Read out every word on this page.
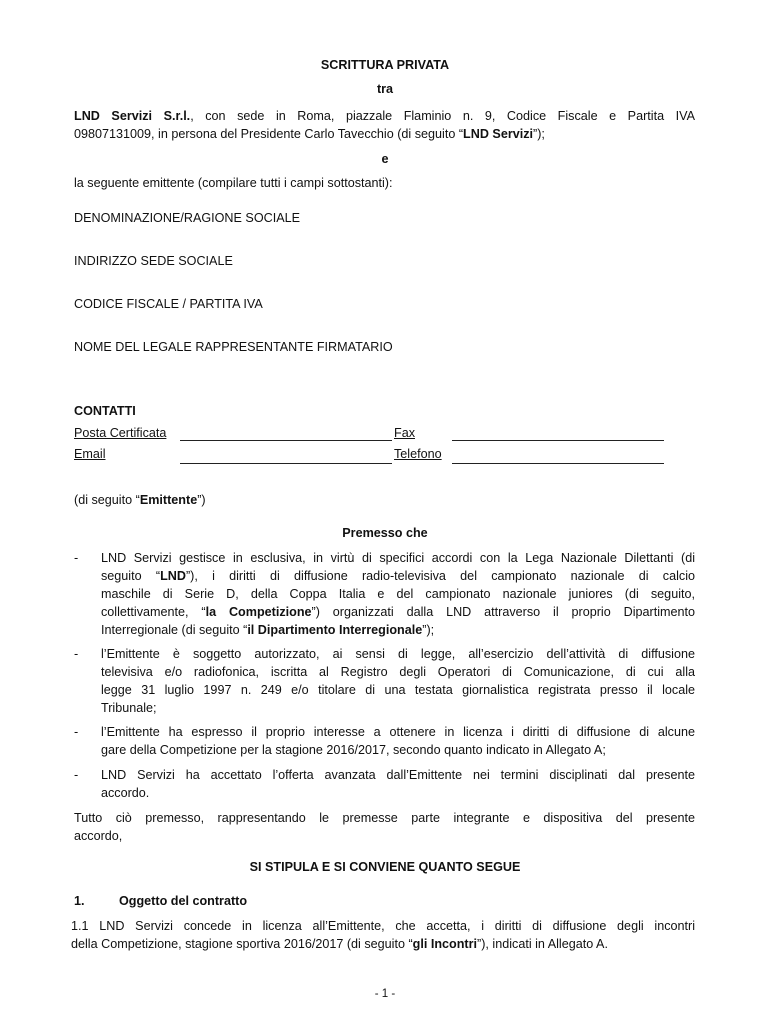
SCRITTURA PRIVATA
tra
LND Servizi S.r.l., con sede in Roma, piazzale Flaminio n. 9, Codice Fiscale e Partita IVA
09807131009, in persona del Presidente Carlo Tavecchio (di seguito “LND Servizi”);
e
la seguente emittente (compilare tutti i campi sottostanti):
DENOMINAZIONE/RAGIONE SOCIALE
INDIRIZZO SEDE SOCIALE
CODICE FISCALE / PARTITA IVA
NOME DEL LEGALE RAPPRESENTANTE FIRMATARIO
CONTATTI
Posta Certificata	Fax
Email	Telefono
(di seguito “Emittente”)
Premesso che
- LND Servizi gestisce in esclusiva, in virtù di specifici accordi con la Lega Nazionale Dilettanti (di
seguito “LND”), i diritti di diffusione radio-televisiva del campionato nazionale di calcio
maschile di Serie D, della Coppa Italia e del campionato nazionale juniores (di seguito,
collettivamente, “la Competizione”) organizzati dalla LND attraverso il proprio Dipartimento
Interregionale (di seguito “il Dipartimento Interregionale”);
- l’Emittente è soggetto autorizzato, ai sensi di legge, all’esercizio dell’attività di diffusione
televisiva e/o radiofonica, iscritta al Registro degli Operatori di Comunicazione, di cui alla
legge 31 luglio 1997 n. 249 e/o titolare di una testata giornalistica registrata presso il locale
Tribunale;
- l’Emittente ha espresso il proprio interesse a ottenere in licenza i diritti di diffusione di alcune
gare della Competizione per la stagione 2016/2017, secondo quanto indicato in Allegato A;
- LND Servizi ha accettato l’offerta avanzata dall’Emittente nei termini disciplinati dal presente
accordo.
Tutto ciò premesso, rappresentando le premesse parte integrante e dispositiva del presente
accordo,
SI STIPULA E SI CONVIENE QUANTO SEGUE
1.	Oggetto del contratto
1.1 LND Servizi concede in licenza all’Emittente, che accetta, i diritti di diffusione degli incontri
della Competizione, stagione sportiva 2016/2017 (di seguito “gli Incontri”), indicati in Allegato A.
- 1 -
